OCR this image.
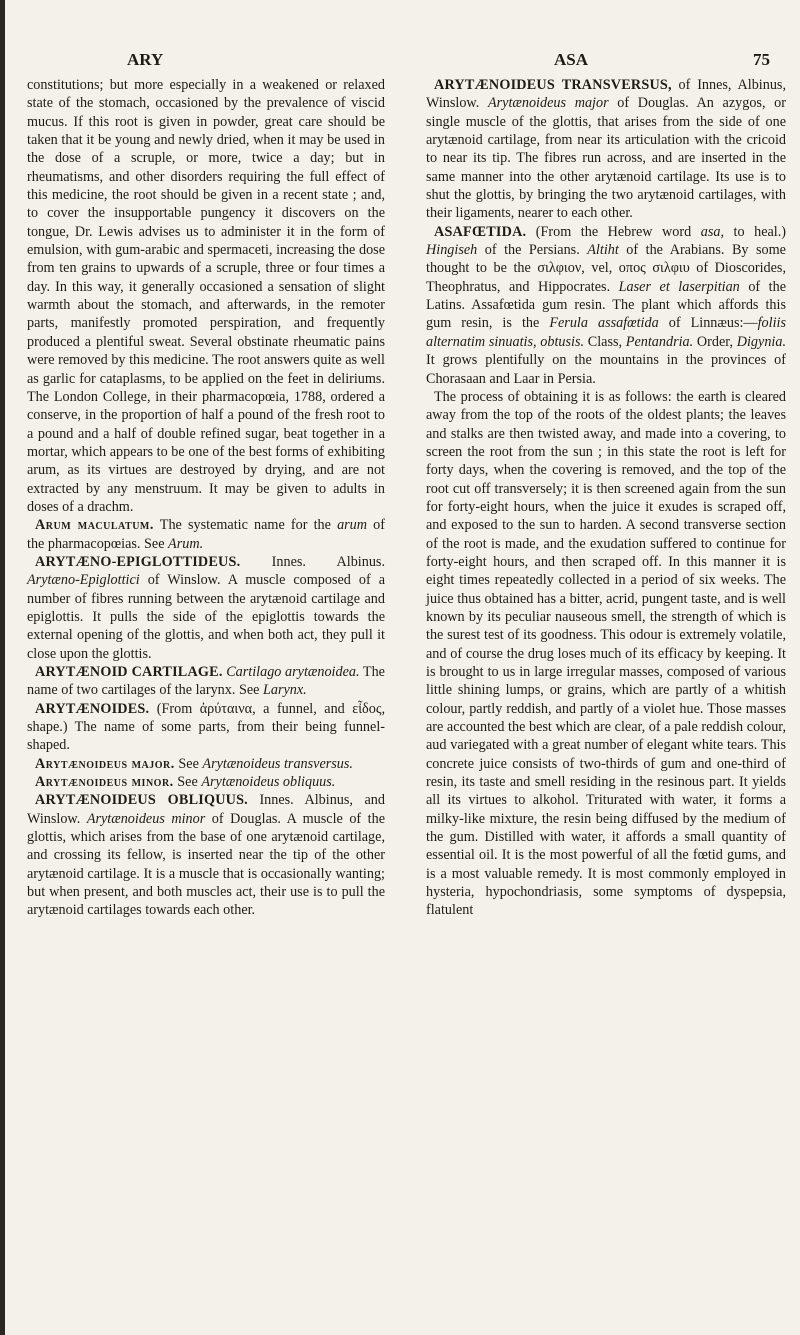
ARY	ASA	75

constitutions; but more especially in a weakened or relaxed state of the stomach, occasioned by the prevalence of viscid mucus. If this root is given in powder, great care should be taken that it be young and newly dried, when it may be used in the dose of a scruple, or more, twice a day; but in rheumatisms, and other disorders requiring the full effect of this medicine, the root should be given in a recent state ; and, to cover the insupportable pungency it discovers on the tongue, Dr. Lewis advises us to administer it in the form of emulsion, with gum-arabic and spermaceti, increasing the dose from ten grains to upwards of a scruple, three or four times a day. In this way, it generally occasioned a sensation of slight warmth about the stomach, and afterwards, in the remoter parts, manifestly promoted perspiration, and frequently produced a plentiful sweat. Several obstinate rheumatic pains were removed by this medicine. The root answers quite as well as garlic for cataplasms, to be applied on the feet in deliriums. The London College, in their pharmacopœia, 1788, ordered a conserve, in the proportion of half a pound of the fresh root to a pound and a half of double refined sugar, beat together in a mortar, which appears to be one of the best forms of exhibiting arum, as its virtues are destroyed by drying, and are not extracted by any menstruum. It may be given to adults in doses of a drachm.

Arum maculatum. The systematic name for the arum of the pharmacopœias. See Arum.

ARYTÆNO-EPIGLOTTIDEUS. Innes. Albinus. Arytæno-Epiglottici of Winslow. A muscle composed of a number of fibres running between the arytænoid cartilage and epiglottis. It pulls the side of the epiglottis towards the external opening of the glottis, and when both act, they pull it close upon the glottis.

ARYTÆNOID CARTILAGE. Cartilago arytænoidea. The name of two cartilages of the larynx. See Larynx.

ARYTÆNOIDES. (From ἀρύταινα, a funnel, and εἶδος, shape.) The name of some parts, from their being funnel-shaped.

Arytænoideus major. See Arytænoideus transversus.

Arytænoideus minor. See Arytænoideus obliquus.

ARYTÆNOIDEUS OBLIQUUS. Innes. Albinus, and Winslow. Arytænoideus minor of Douglas. A muscle of the glottis, which arises from the base of one arytænoid cartilage, and crossing its fellow, is inserted near the tip of the other arytænoid cartilage. It is a muscle that is occasionally wanting; but when present, and both muscles act, their use is to pull the arytænoid cartilages towards each other.

ARYTÆNOIDEUS TRANSVERSUS, of Innes, Albinus, Winslow. Arytænoideus major of Douglas. An azygos, or single muscle of the glottis, that arises from the side of one arytænoid cartilage, from near its articulation with the cricoid to near its tip. The fibres run across, and are inserted in the same manner into the other arytænoid cartilage. Its use is to shut the glottis, by bringing the two arytænoid cartilages, with their ligaments, nearer to each other.

ASAFŒTIDA. (From the Hebrew word asa, to heal.) Hingiseh of the Persians. Altiht of the Arabians. By some thought to be the σιλφιον, vel, οπος σιλφιυ of Dioscorides, Theophratus, and Hippocrates. Laser et laserpitian of the Latins. Assafœtida gum resin. The plant which affords this gum resin, is the Ferula assafœtida of Linnæus:—foliis alternatim sinuatis, obtusis. Class, Pentandria. Order, Digynia. It grows plentifully on the mountains in the provinces of Chorasaan and Laar in Persia.

The process of obtaining it is as follows: the earth is cleared away from the top of the roots of the oldest plants; the leaves and stalks are then twisted away, and made into a covering, to screen the root from the sun ; in this state the root is left for forty days, when the covering is removed, and the top of the root cut off transversely; it is then screened again from the sun for forty-eight hours, when the juice it exudes is scraped off, and exposed to the sun to harden. A second transverse section of the root is made, and the exudation suffered to continue for forty-eight hours, and then scraped off. In this manner it is eight times repeatedly collected in a period of six weeks. The juice thus obtained has a bitter, acrid, pungent taste, and is well known by its peculiar nauseous smell, the strength of which is the surest test of its goodness. This odour is extremely volatile, and of course the drug loses much of its efficacy by keeping. It is brought to us in large irregular masses, composed of various little shining lumps, or grains, which are partly of a whitish colour, partly reddish, and partly of a violet hue. Those masses are accounted the best which are clear, of a pale reddish colour, aud variegated with a great number of elegant white tears. This concrete juice consists of two-thirds of gum and one-third of resin, its taste and smell residing in the resinous part. It yields all its virtues to alkohol. Triturated with water, it forms a milky-like mixture, the resin being diffused by the medium of the gum. Distilled with water, it affords a small quantity of essential oil. It is the most powerful of all the fœtid gums, and is a most valuable remedy. It is most commonly employed in hysteria, hypochondriasis, some symptoms of dyspepsia, flatulent
